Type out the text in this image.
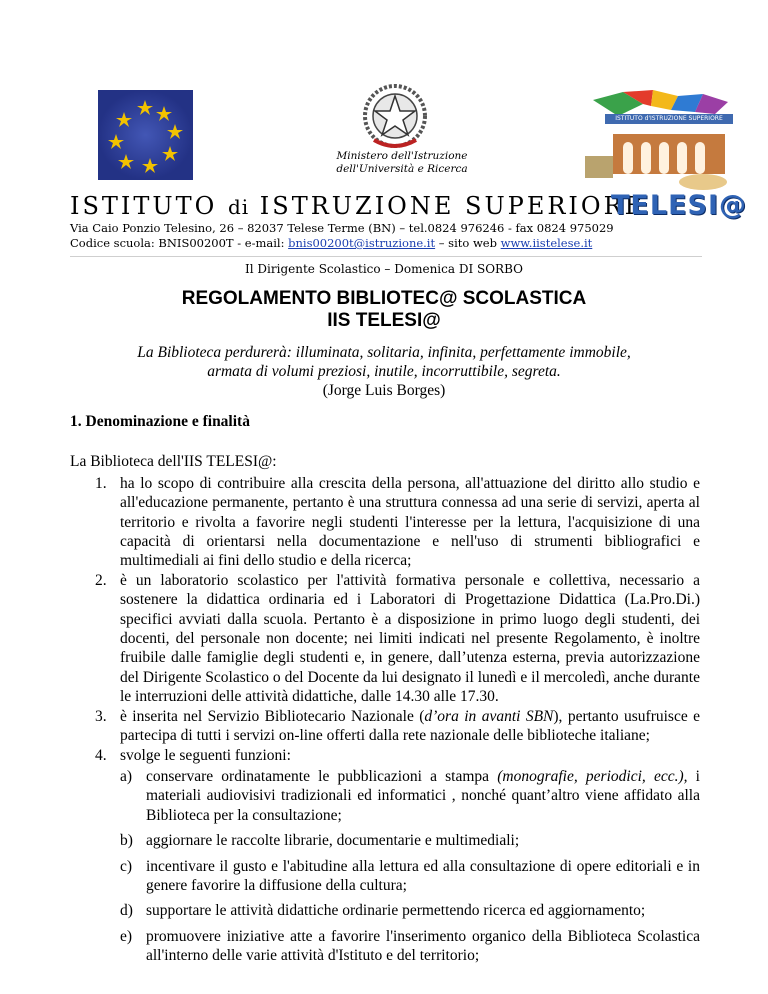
Ministero dell'Istruzione
dell'Università e Ricerca
ISTITUTO d'ISTRUZIONE SUPERIORE
ISTITUTO di ISTRUZIONE SUPERIORE
TELESI@
Via Caio Ponzio Telesino, 26 – 82037 Telese Terme (BN) – tel.0824 976246 - fax 0824 975029
Codice scuola: BNIS00200T - e-mail: bnis00200t@istruzione.it – sito web www.iistelese.it
Il Dirigente Scolastico – Domenica DI SORBO
REGOLAMENTO BIBLIOTEC@ SCOLASTICA
IIS TELESI@
La Biblioteca perdurerà: illuminata, solitaria, infinita, perfettamente immobile,
armata di volumi preziosi, inutile, incorruttibile, segreta.
(Jorge Luis Borges)
1. Denominazione e finalità
La Biblioteca dell'IIS TELESI@:
1. ha lo scopo di contribuire alla crescita della persona, all'attuazione del diritto allo studio e all'educazione permanente, pertanto è una struttura connessa ad una serie di servizi, aperta al territorio e rivolta a favorire negli studenti l'interesse per la lettura, l'acquisizione di una capacità di orientarsi nella documentazione e nell'uso di strumenti bibliografici e multimediali ai fini dello studio e della ricerca;
2. è un laboratorio scolastico per l'attività formativa personale e collettiva, necessario a sostenere la didattica ordinaria ed i Laboratori di Progettazione Didattica (La.Pro.Di.) specifici avviati dalla scuola. Pertanto è a disposizione in primo luogo degli studenti, dei docenti, del personale non docente; nei limiti indicati nel presente Regolamento, è inoltre fruibile dalle famiglie degli studenti e, in genere, dall’utenza esterna, previa autorizzazione del Dirigente Scolastico o del Docente da lui designato il lunedì e il mercoledì, anche durante le interruzioni delle attività didattiche, dalle 14.30 alle 17.30.
3. è inserita nel Servizio Bibliotecario Nazionale (d’ora in avanti SBN), pertanto usufruisce e partecipa di tutti i servizi on-line offerti dalla rete nazionale delle biblioteche italiane;
4. svolge le seguenti funzioni:
a) conservare ordinatamente le pubblicazioni a stampa (monografie, periodici, ecc.), i materiali audiovisivi tradizionali ed informatici , nonché quant’altro viene affidato alla Biblioteca per la consultazione;
b) aggiornare le raccolte librarie, documentarie e multimediali;
c) incentivare il gusto e l'abitudine alla lettura ed alla consultazione di opere editoriali e in genere favorire la diffusione della cultura;
d) supportare le attività didattiche ordinarie permettendo ricerca ed aggiornamento;
e) promuovere iniziative atte a favorire l'inserimento organico della Biblioteca Scolastica all'interno delle varie attività d'Istituto e del territorio;
